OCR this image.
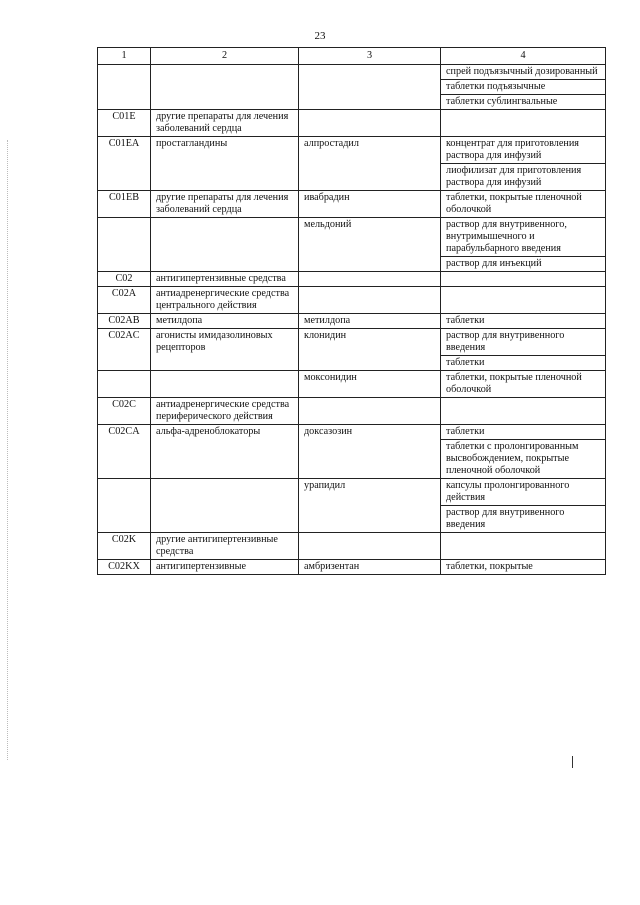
23
1	2	3	4
			спрей подъязычный дозированный
			таблетки подъязычные
			таблетки сублингвальные
C01E	другие препараты для лечения заболеваний сердца		
C01EA	простагландины	алпростадил	концентрат для приготовления раствора для инфузий
			лиофилизат для приготовления раствора для инфузий
C01EB	другие препараты для лечения заболеваний сердца	ивабрадин	таблетки, покрытые пленочной оболочкой
		мельдоний	раствор для внутривенного, внутримышечного и парабульбарного введения
			раствор для инъекций
C02	антигипертензивные средства		
C02A	антиадренергические средства центрального действия		
C02AB	метилдопа	метилдопа	таблетки
C02AC	агонисты имидазолиновых рецепторов	клонидин	раствор для внутривенного введения
			таблетки
		моксонидин	таблетки, покрытые пленочной оболочкой
C02C	антиадренергические средства периферического действия		
C02CA	альфа-адреноблокаторы	доксазозин	таблетки
			таблетки с пролонгированным высвобождением, покрытые пленочной оболочкой
		урапидил	капсулы пролонгированного действия
			раствор для внутривенного введения
C02K	другие антигипертензивные средства		
C02KX	антигипертензивные	амбризентан	таблетки, покрытые
